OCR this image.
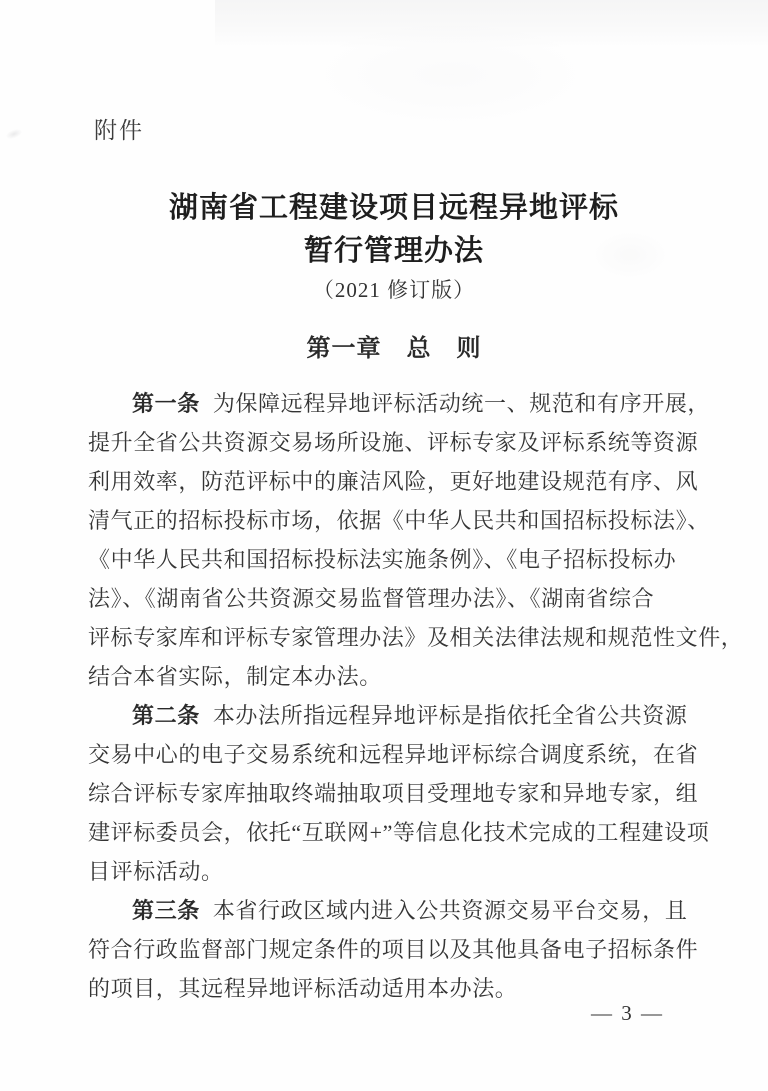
附件
湖南省工程建设项目远程异地评标
暂行管理办法
（2021 修订版）
第一章　总　则
第一条 为保障远程异地评标活动统一、规范和有序开展，
提升全省公共资源交易场所设施、评标专家及评标系统等资源
利用效率，防范评标中的廉洁风险，更好地建设规范有序、风
清气正的招标投标市场，依据《中华人民共和国招标投标法》、
《中华人民共和国招标投标法实施条例》、《电子招标投标办
法》、《湖南省公共资源交易监督管理办法》、《湖南省综合
评标专家库和评标专家管理办法》及相关法律法规和规范性文件，
结合本省实际，制定本办法。
第二条 本办法所指远程异地评标是指依托全省公共资源
交易中心的电子交易系统和远程异地评标综合调度系统，在省
综合评标专家库抽取终端抽取项目受理地专家和异地专家，组
建评标委员会，依托“互联网+”等信息化技术完成的工程建设项
目评标活动。
第三条 本省行政区域内进入公共资源交易平台交易，且
符合行政监督部门规定条件的项目以及其他具备电子招标条件
的项目，其远程异地评标活动适用本办法。
— 3 —
